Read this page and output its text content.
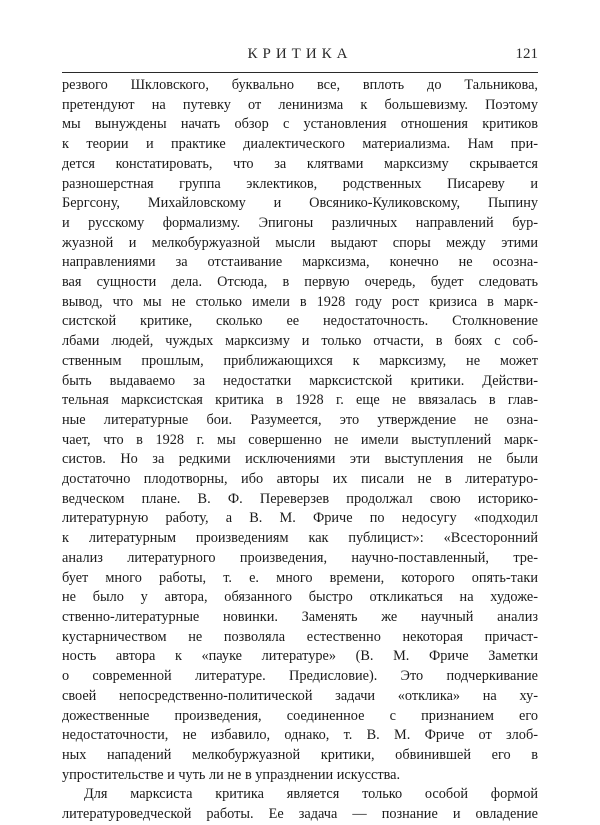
КРИТИКА	121
резвого Шкловского, буквально все, вплоть до Тальникова,
претендуют на путевку от ленинизма к большевизму. Поэтому
мы вынуждены начать обзор с установления отношения критиков
к теории и практике диалектического материализма. Нам при-
дется констатировать, что за клятвами марксизму скрывается
разношерстная группа эклектиков, родственных Писареву и
Бергсону, Михайловскому и Овсянико-Куликовскому, Пыпину
и русскому формализму. Эпигоны различных направлений бур-
жуазной и мелкобуржуазной мысли выдают споры между этими
направлениями за отстаивание марксизма, конечно не осозна-
вая сущности дела. Отсюда, в первую очередь, будет следовать
вывод, что мы не столько имели в 1928 году рост кризиса в марк-
систской критике, сколько ее недостаточность. Столкновение
лбами людей, чуждых марксизму и только отчасти, в боях с соб-
ственным прошлым, приближающихся к марксизму, не может
быть выдаваемо за недостатки марксистской критики. Действи-
тельная марксистская критика в 1928 г. еще не ввязалась в глав-
ные литературные бои. Разумеется, это утверждение не озна-
чает, что в 1928 г. мы совершенно не имели выступлений марк-
систов. Но за редкими исключениями эти выступления не были
достаточно плодотворны, ибо авторы их писали не в литературо-
ведческом плане. В. Ф. Переверзев продолжал свою историко-
литературную работу, а В. М. Фриче по недосугу «подходил
к литературным произведениям как публицист»: «Всесторонний
анализ литературного произведения, научно-поставленный, тре-
бует много работы, т. е. много времени, которого опять-таки
не было у автора, обязанного быстро откликаться на художе-
ственно-литературные новинки. Заменять же научный анализ
кустарничеством не позволяла естественно некоторая причаст-
ность автора к «пауке литературе» (В. М. Фриче Заметки
о современной литературе. Предисловие). Это подчеркивание
своей непосредственно-политической задачи «отклика» на ху-
дожественные произведения, соединенное с признанием его
недостаточности, не избавило, однако, т. В. М. Фриче от злоб-
ных нападений мелкобуржуазной критики, обвинившей его в
упростительстве и чуть ли не в упразднении искусства.
Для марксиста критика является только особой формой
литературоведческой работы. Ее задача — познание и овладение
